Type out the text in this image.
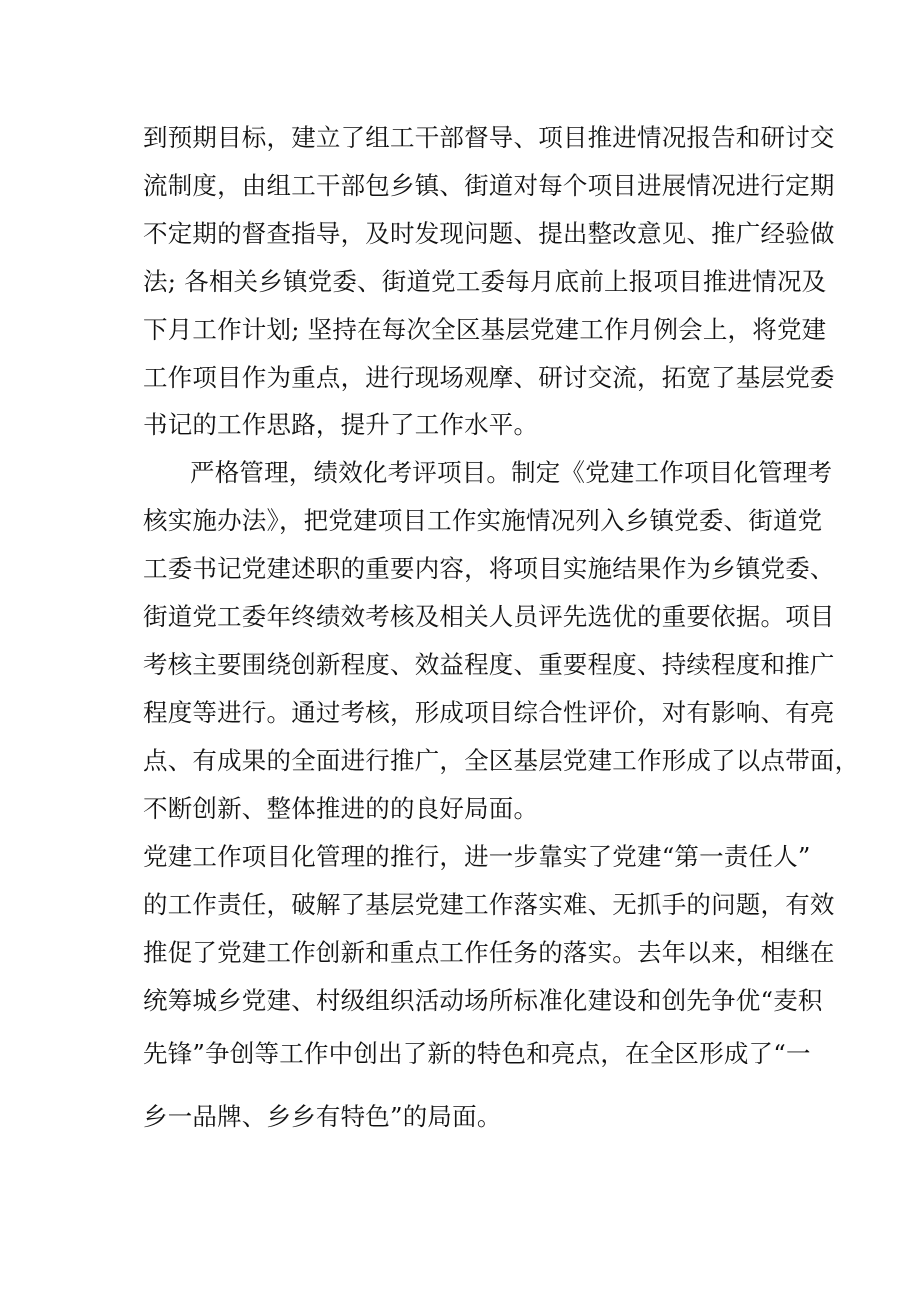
到预期目标，建立了组工干部督导、项目推进情况报告和研讨交
流制度，由组工干部包乡镇、街道对每个项目进展情况进行定期
不定期的督查指导，及时发现问题、提出整改意见、推广经验做
法; 各相关乡镇党委、街道党工委每月底前上报项目推进情况及
下月工作计划; 坚持在每次全区基层党建工作月例会上，将党建
工作项目作为重点，进行现场观摩、研讨交流，拓宽了基层党委
书记的工作思路，提升了工作水平。
严格管理，绩效化考评项目。制定《党建工作项目化管理考
核实施办法》，把党建项目工作实施情况列入乡镇党委、街道党
工委书记党建述职的重要内容，将项目实施结果作为乡镇党委、
街道党工委年终绩效考核及相关人员评先选优的重要依据。项目
考核主要围绕创新程度、效益程度、重要程度、持续程度和推广
程度等进行。通过考核，形成项目综合性评价，对有影响、有亮
点、有成果的全面进行推广，全区基层党建工作形成了以点带面，
不断创新、整体推进的的良好局面。
党建工作项目化管理的推行，进一步靠实了党建“第一责任人”
的工作责任，破解了基层党建工作落实难、无抓手的问题，有效
推促了党建工作创新和重点工作任务的落实。去年以来，相继在
统筹城乡党建、村级组织活动场所标准化建设和创先争优“麦积
先锋”争创等工作中创出了新的特色和亮点，在全区形成了“一
乡一品牌、乡乡有特色”的局面。
